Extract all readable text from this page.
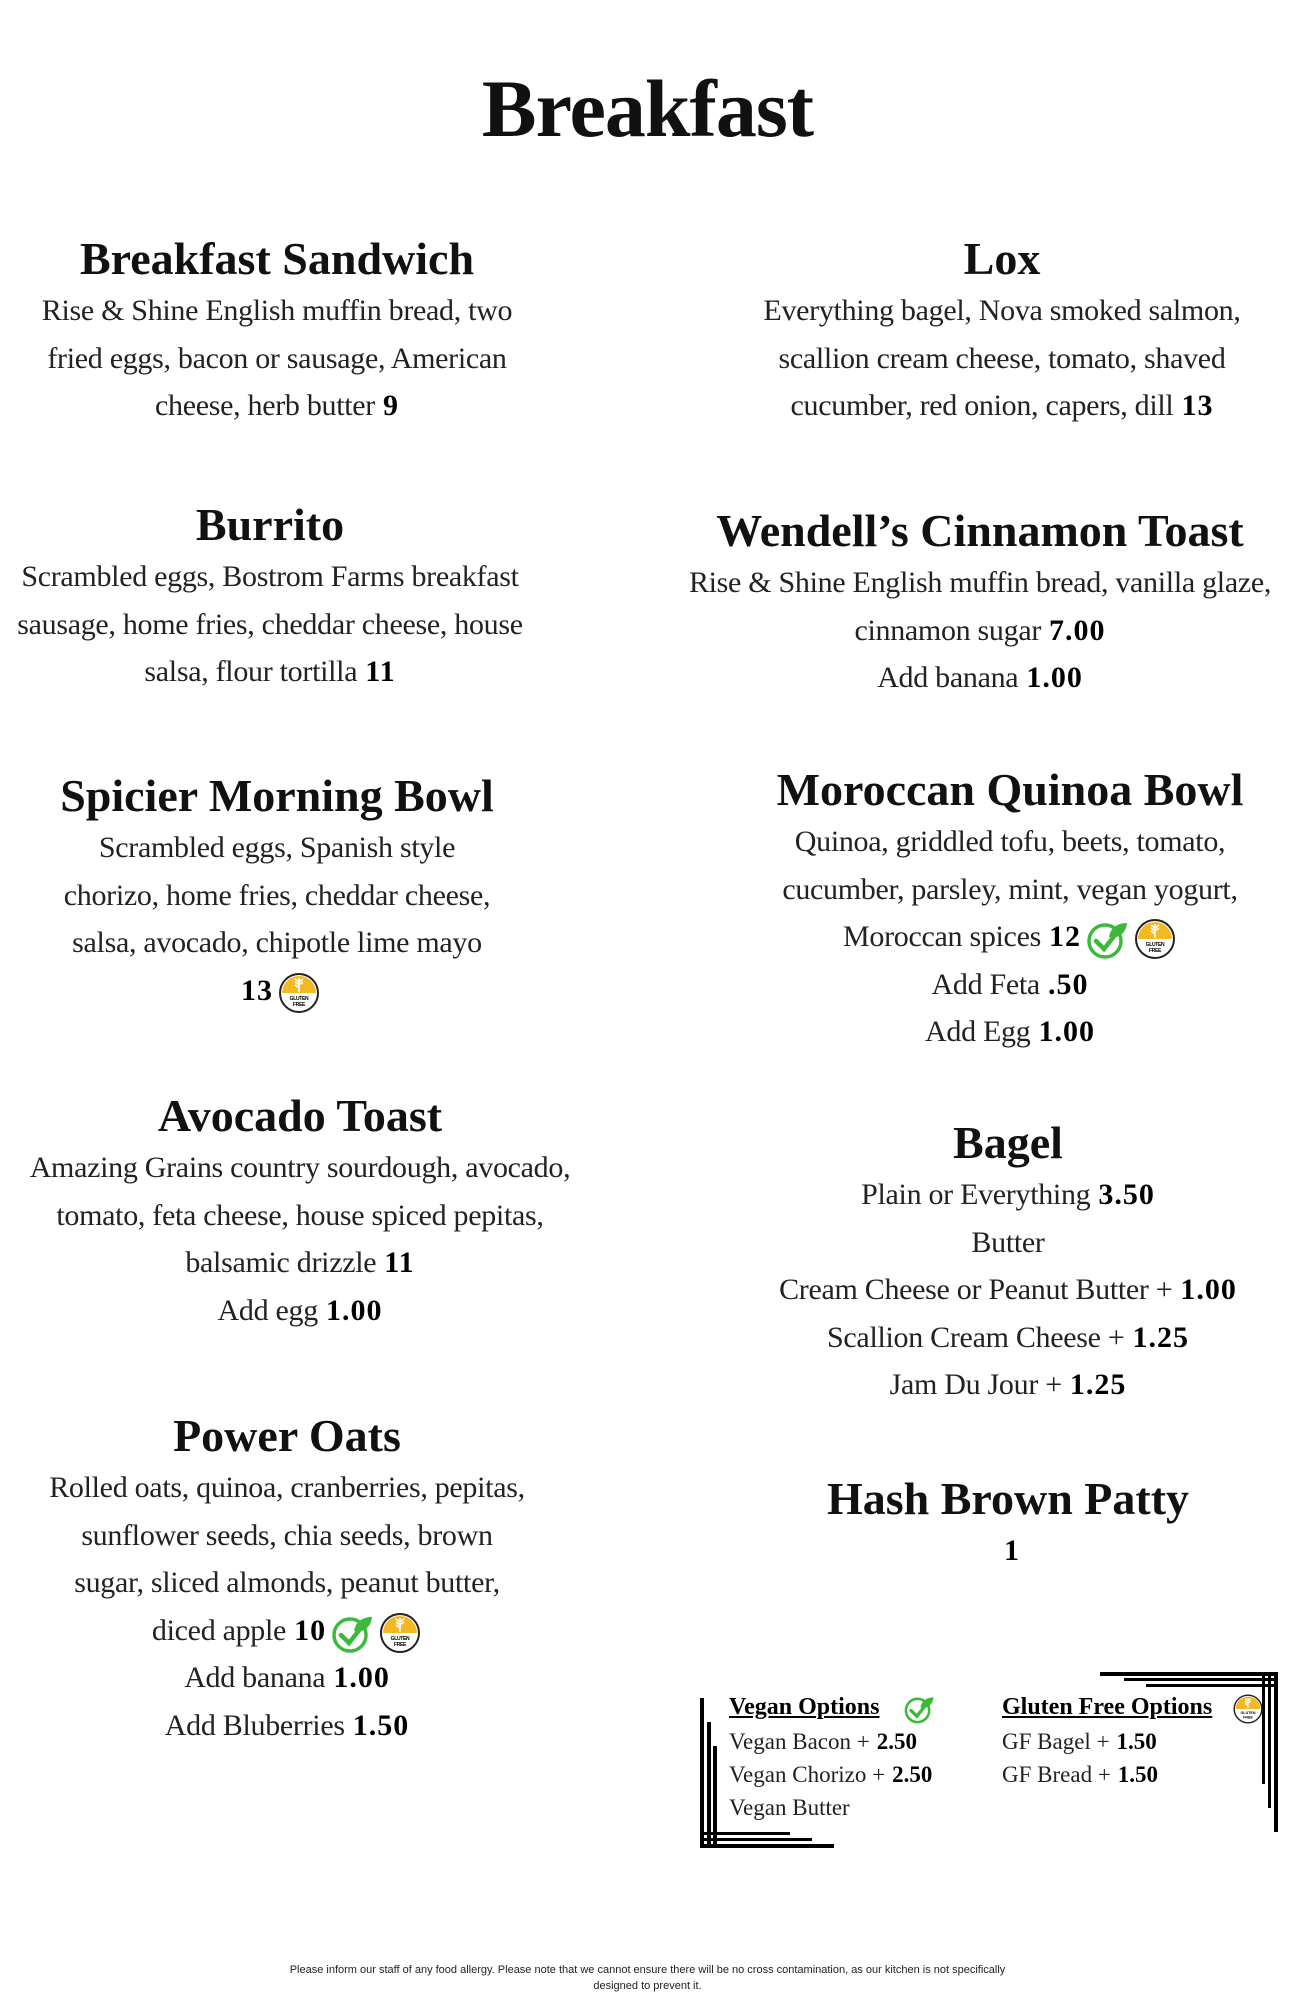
Breakfast
Breakfast Sandwich
Rise & Shine English muffin bread, two
fried eggs, bacon or sausage, American
cheese, herb butter 9
Burrito
Scrambled eggs, Bostrom Farms breakfast
sausage, home fries, cheddar cheese, house
salsa, flour tortilla 11
Spicier Morning Bowl
Scrambled eggs, Spanish style
chorizo, home fries, cheddar cheese,
salsa, avocado, chipotle lime mayo
13	GLUTEN
FREE
Avocado Toast
Amazing Grains country sourdough, avocado,
tomato, feta cheese, house spiced pepitas,
balsamic drizzle 11
Add egg 1.00
Power Oats
Rolled oats, quinoa, cranberries, pepitas,
sunflower seeds, chia seeds, brown
sugar, sliced almonds, peanut butter,
diced apple 10	GLUTEN
FREE
Add banana 1.00
Add Bluberries 1.50
Lox
Everything bagel, Nova smoked salmon,
scallion cream cheese, tomato, shaved
cucumber, red onion, capers, dill 13
Wendell’s Cinnamon Toast
Rise & Shine English muffin bread, vanilla glaze,
cinnamon sugar 7.00
Add banana 1.00
Moroccan Quinoa Bowl
Quinoa, griddled tofu, beets, tomato,
cucumber, parsley, mint, vegan yogurt,
Moroccan spices 12	GLUTEN
FREE
Add Feta .50
Add Egg 1.00
Bagel
Plain or Everything 3.50
Butter
Cream Cheese or Peanut Butter + 1.00
Scallion Cream Cheese + 1.25
Jam Du Jour + 1.25
Hash Brown Patty
1
Vegan Options
Vegan Bacon + 2.50
Vegan Chorizo + 2.50
Vegan Butter
Gluten Free Options	GLUTEN
FREE
GF Bagel + 1.50
GF Bread + 1.50
Please inform our staff of any food allergy. Please note that we cannot ensure there will be no cross contamination, as our kitchen is not specifically designed to prevent it.
